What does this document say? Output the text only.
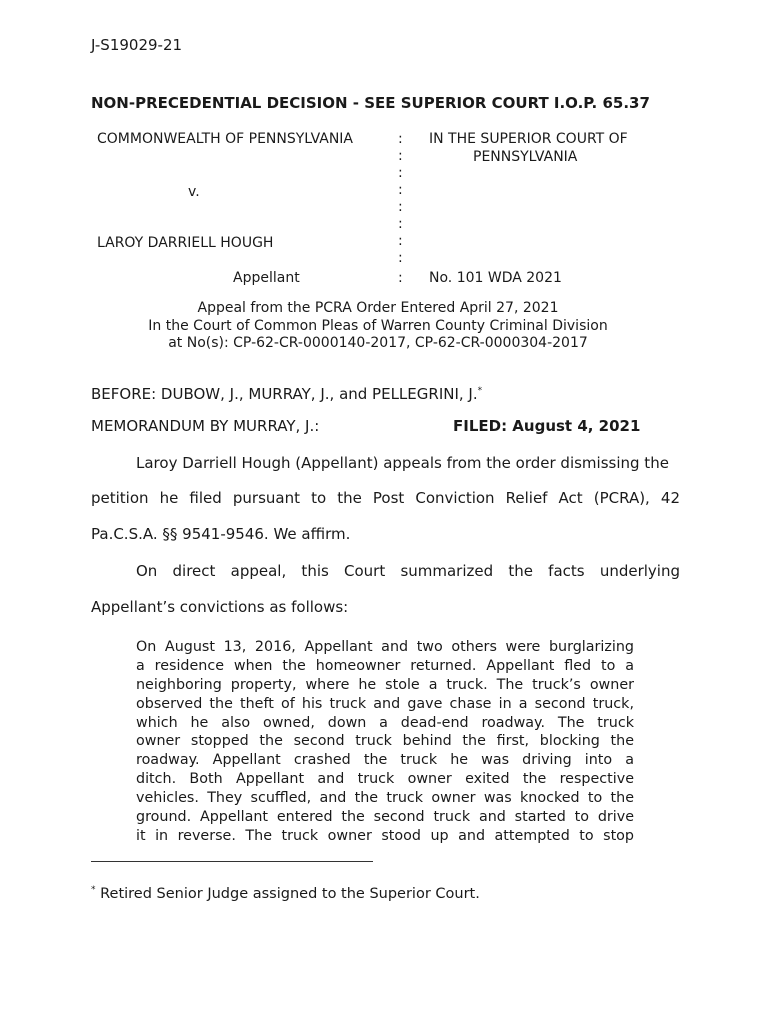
J-S19029-21
NON-PRECEDENTIAL DECISION - SEE SUPERIOR COURT I.O.P. 65.37
COMMONWEALTH OF PENNSYLVANIA
v.
LAROY DARRIELL HOUGH
Appellant
IN THE SUPERIOR COURT OF
PENNSYLVANIA
No. 101 WDA 2021
:
:
:
:
:
:
:
:
:
Appeal from the PCRA Order Entered April 27, 2021
In the Court of Common Pleas of Warren County Criminal Division
at No(s): CP-62-CR-0000140-2017, CP-62-CR-0000304-2017
BEFORE: DUBOW, J., MURRAY, J., and PELLEGRINI, J.*
MEMORANDUM BY MURRAY, J.:	FILED: August 4, 2021
Laroy Darriell Hough (Appellant) appeals from the order dismissing the
petition he filed pursuant to the Post Conviction Relief Act (PCRA), 42
Pa.C.S.A. §§ 9541-9546. We affirm.
On direct appeal, this Court summarized the facts underlying
Appellant’s convictions as follows:
On August 13, 2016, Appellant and two others were burglarizing
a residence when the homeowner returned. Appellant fled to a
neighboring property, where he stole a truck. The truck’s owner
observed the theft of his truck and gave chase in a second truck,
which he also owned, down a dead-end roadway. The truck
owner stopped the second truck behind the first, blocking the
roadway. Appellant crashed the truck he was driving into a
ditch. Both Appellant and truck owner exited the respective
vehicles. They scuffled, and the truck owner was knocked to the
ground. Appellant entered the second truck and started to drive
it in reverse. The truck owner stood up and attempted to stop
* Retired Senior Judge assigned to the Superior Court.
